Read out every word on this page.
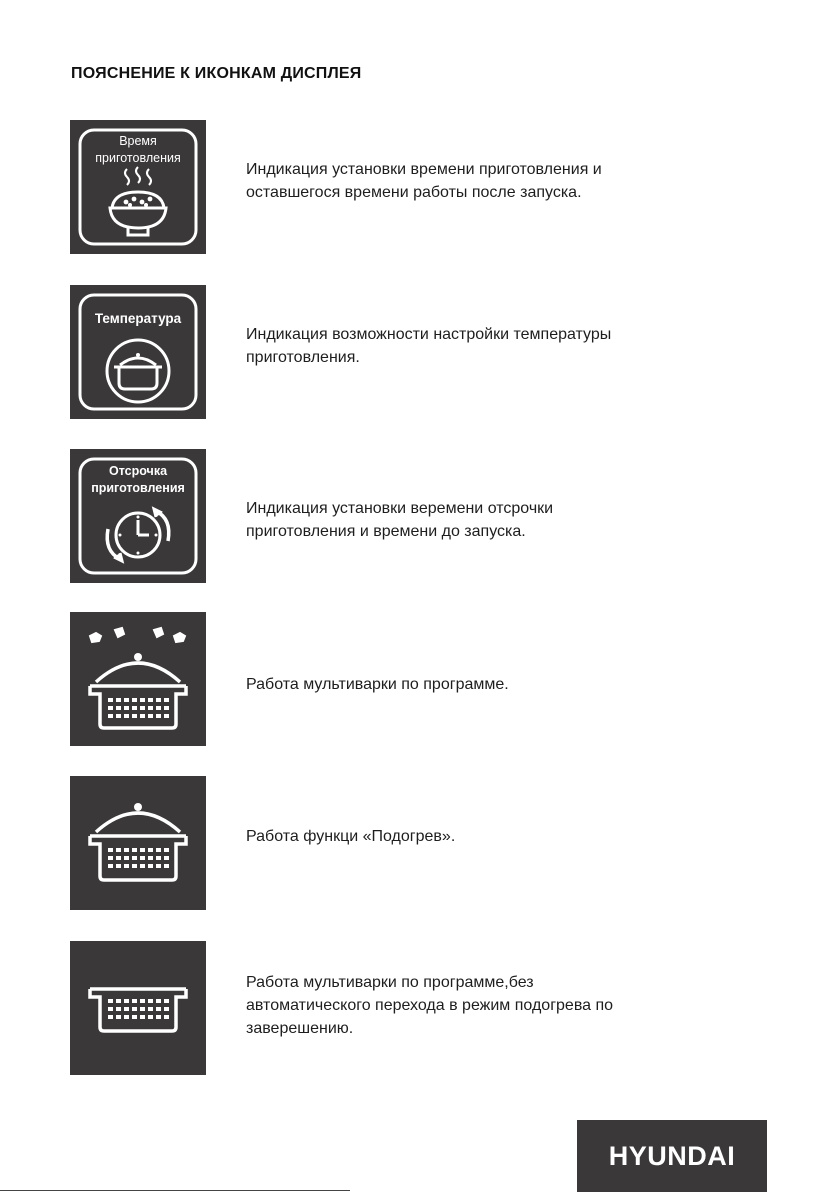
ПОЯСНЕНИЕ К ИКОНКАМ ДИСПЛЕЯ
Время
приготовления

Индикация установки времени приготовления и
оставшегося времени работы после запуска.

Температура

Индикация возможности настройки температуры
приготовления.

Отсрочка
приготовления

Индикация установки веремени отсрочки
приготовления и времени до запуска.

Работа мультиварки по программе.

Работа функци «Подогрев».

Работа мультиварки по программе,без
автоматического перехода в режим подогрева по
заверешению.

HYUNDAI
